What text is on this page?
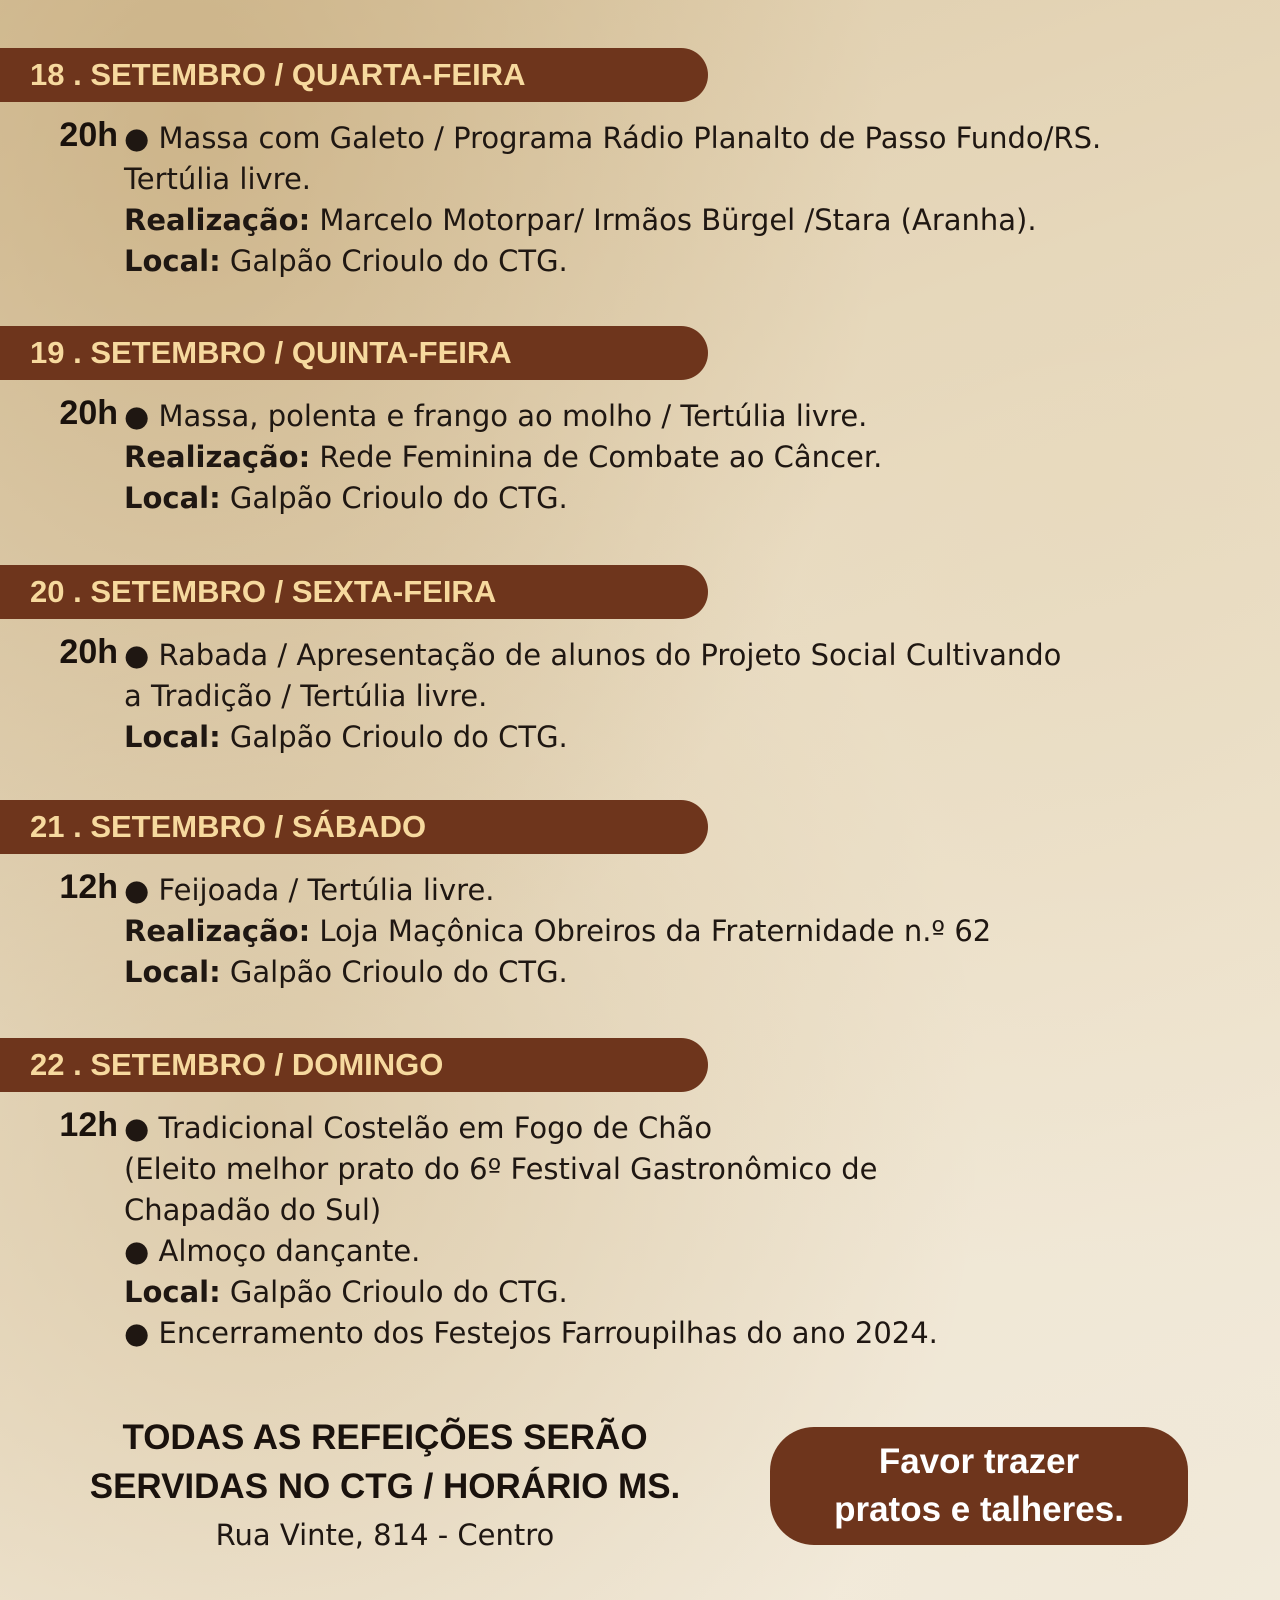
18 . SETEMBRO / QUARTA-FEIRA
20h ● Massa com Galeto / Programa Rádio Planalto de Passo Fundo/RS.
Tertúlia livre.
Realização: Marcelo Motorpar/ Irmãos Bürgel /Stara (Aranha).
Local: Galpão Crioulo do CTG.
19 . SETEMBRO / QUINTA-FEIRA
20h ● Massa, polenta e frango ao molho / Tertúlia livre.
Realização: Rede Feminina de Combate ao Câncer.
Local: Galpão Crioulo do CTG.
20 . SETEMBRO / SEXTA-FEIRA
20h ● Rabada / Apresentação de alunos do Projeto Social Cultivando
a Tradição / Tertúlia livre.
Local: Galpão Crioulo do CTG.
21 . SETEMBRO / SÁBADO
12h ● Feijoada / Tertúlia livre.
Realização: Loja Maçônica Obreiros da Fraternidade n.º 62
Local: Galpão Crioulo do CTG.
22 . SETEMBRO / DOMINGO
12h ● Tradicional Costelão em Fogo de Chão
(Eleito melhor prato do 6º Festival Gastronômico de
Chapadão do Sul)
● Almoço dançante.
Local: Galpão Crioulo do CTG.
● Encerramento dos Festejos Farroupilhas do ano 2024.
TODAS AS REFEIÇÕES SERÃO
SERVIDAS NO CTG / HORÁRIO MS.
Rua Vinte, 814 - Centro
Favor trazer
pratos e talheres.
